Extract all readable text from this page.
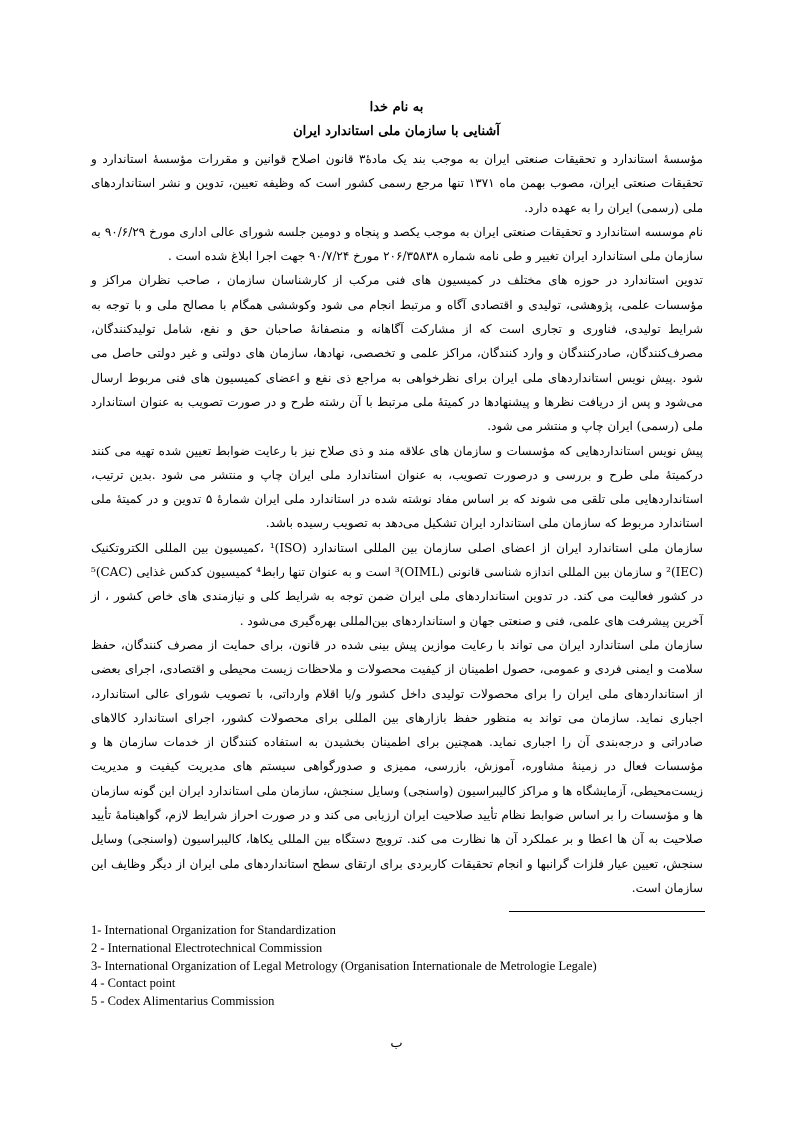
به نام خدا
آشنایی با سازمان ملی استاندارد ایران

مؤسسهٔ استاندارد و تحقیقات صنعتی ایران به موجب بند یک مادهٔ۳ قانون اصلاح قوانین و مقررات مؤسسهٔ استاندارد و تحقیقات صنعتی ایران، مصوب بهمن ماه ۱۳۷۱ تنها مرجع رسمی کشور است که وظیفه تعیین، تدوین و نشر استانداردهای ملی (رسمی) ایران را به عهده دارد.

نام موسسه استاندارد و تحقیقات صنعتی ایران به موجب یکصد و پنجاه و دومین جلسه شورای عالی اداری مورخ ۹۰/۶/۲۹ به سازمان ملی استاندارد ایران تغییر و طی نامه شماره ۲۰۶/۳۵۸۳۸ مورخ ۹۰/۷/۲۴ جهت اجرا ابلاغ شده است .

تدوین استاندارد در حوزه های مختلف در کمیسیون های فنی مرکب از کارشناسان سازمان ، صاحب نظران مراکز و مؤسسات علمی، پژوهشی، تولیدی و اقتصادی آگاه و مرتبط انجام می شود وکوششی همگام با مصالح ملی و با توجه به شرایط تولیدی، فناوری و تجاری است که از مشارکت آگاهانه و منصفانهٔ صاحبان حق و نفع، شامل تولیدکنندگان، مصرف‌کنندگان، صادرکنندگان و وارد کنندگان، مراکز علمی و تخصصی، نهادها، سازمان های دولتی و غیر دولتی حاصل می شود .پیش نویس استانداردهای ملی ایران برای نظرخواهی به مراجع ذی نفع و اعضای کمیسیون های فنی مربوط ارسال می‌شود و پس از دریافت نظرها و پیشنهادها در کمیتهٔ ملی مرتبط با آن رشته طرح و در صورت تصویب به عنوان استاندارد ملی (رسمی) ایران چاپ و منتشر می شود.

پیش نویس استانداردهایی که مؤسسات و سازمان های علاقه مند و ذی صلاح نیز با رعایت ضوابط تعیین شده تهیه می کنند درکمیتهٔ ملی طرح و بررسی و درصورت تصویب، به عنوان استاندارد ملی ایران چاپ و منتشر می شود .بدین ترتیب، استانداردهایی ملی تلقی می شوند که بر اساس مفاد نوشته شده در استاندارد ملی ایران شمارهٔ ۵ تدوین و در کمیتهٔ ملی استاندارد مربوط که سازمان ملی استاندارد ایران تشکیل می‌دهد به تصویب رسیده باشد.

سازمان ملی استاندارد ایران از اعضای اصلی سازمان بین المللی استاندارد (ISO)¹ ،کمیسیون بین المللی الکتروتکنیک (IEC)² و سازمان بین المللی اندازه شناسی قانونی (OIML)³ است و به عنوان تنها رابط⁴ کمیسیون کدکس غذایی (CAC)⁵ در کشور فعالیت می کند. در تدوین استانداردهای ملی ایران ضمن توجه به شرایط کلی و نیازمندی های خاص کشور ، از آخرین پیشرفت های علمی، فنی و صنعتی جهان و استانداردهای بین‌المللی بهره‌گیری می‌شود .

سازمان ملی استاندارد ایران می تواند با رعایت موازین پیش بینی شده در قانون، برای حمایت از مصرف کنندگان، حفظ سلامت و ایمنی فردی و عمومی، حصول اطمینان از کیفیت محصولات و ملاحظات زیست محیطی و اقتصادی، اجرای بعضی از استانداردهای ملی ایران را برای محصولات تولیدی داخل کشور و/یا اقلام وارداتی، با تصویب شورای عالی استاندارد، اجباری نماید. سازمان می تواند به منظور حفظ بازارهای بین المللی برای محصولات کشور، اجرای استاندارد کالاهای صادراتی و درجه‌بندی آن را اجباری نماید. همچنین برای اطمینان بخشیدن به استفاده کنندگان از خدمات سازمان ها و مؤسسات فعال در زمینهٔ مشاوره، آموزش، بازرسی، ممیزی و صدورگواهی سیستم های مدیریت کیفیت و مدیریت زیست‌محیطی، آزمایشگاه ها و مراکز کالیبراسیون (واسنجی) وسایل سنجش، سازمان ملی استاندارد ایران این گونه سازمان ها و مؤسسات را بر اساس ضوابط نظام تأیید صلاحیت ایران ارزیابی می کند و در صورت احراز شرایط لازم، گواهینامهٔ تأیید صلاحیت به آن ها اعطا و بر عملکرد آن ها نظارت می کند. ترویج دستگاه بین المللی یکاها، کالیبراسیون (واسنجی) وسایل سنجش، تعیین عیار فلزات گرانبها و انجام تحقیقات کاربردی برای ارتقای سطح استانداردهای ملی ایران از دیگر وظایف این سازمان است.

1- International Organization for Standardization
2 - International Electrotechnical Commission
3- International Organization of Legal Metrology (Organisation Internationale de Metrologie Legale)
4 - Contact point
5 - Codex Alimentarius Commission
ب
